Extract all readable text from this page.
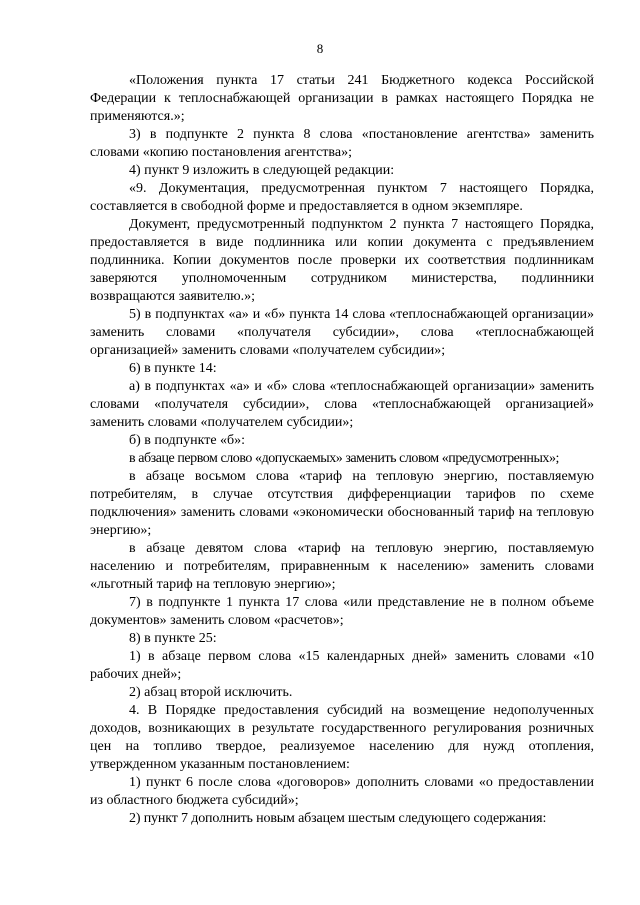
8

«Положения пункта 17 статьи 241 Бюджетного кодекса Российской Федерации к теплоснабжающей организации в рамках настоящего Порядка не применяются.»;

3) в подпункте 2 пункта 8 слова «постановление агентства» заменить словами «копию постановления агентства»;

4) пункт 9 изложить в следующей редакции:

«9. Документация, предусмотренная пунктом 7 настоящего Порядка, составляется в свободной форме и предоставляется в одном экземпляре.

Документ, предусмотренный подпунктом 2 пункта 7 настоящего Порядка, предоставляется в виде подлинника или копии документа с предъявлением подлинника. Копии документов после проверки их соответствия подлинникам заверяются уполномоченным сотрудником министерства, подлинники возвращаются заявителю.»;

5) в подпунктах «а» и «б» пункта 14 слова «теплоснабжающей организации» заменить словами «получателя субсидии», слова «теплоснабжающей организацией» заменить словами «получателем субсидии»;

6) в пункте 14:

а) в подпунктах «а» и «б» слова «теплоснабжающей организации» заменить словами «получателя субсидии», слова «теплоснабжающей организацией» заменить словами «получателем субсидии»;

б) в подпункте «б»:

в абзаце первом слово «допускаемых» заменить словом «предусмотренных»;

в абзаце восьмом слова «тариф на тепловую энергию, поставляемую потребителям, в случае отсутствия дифференциации тарифов по схеме подключения» заменить словами «экономически обоснованный тариф на тепловую энергию»;

в абзаце девятом слова «тариф на тепловую энергию, поставляемую населению и потребителям, приравненным к населению» заменить словами «льготный тариф на тепловую энергию»;

7) в подпункте 1 пункта 17 слова «или представление не в полном объеме документов» заменить словом «расчетов»;

8) в пункте 25:

1) в абзаце первом слова «15 календарных дней» заменить словами «10 рабочих дней»;

2) абзац второй исключить.

4. В Порядке предоставления субсидий на возмещение недополученных доходов, возникающих в результате государственного регулирования розничных цен на топливо твердое, реализуемое населению для нужд отопления, утвержденном указанным постановлением:

1) пункт 6 после слова «договоров» дополнить словами «о предоставлении из областного бюджета субсидий»;

2) пункт 7 дополнить новым абзацем шестым следующего содержания:
